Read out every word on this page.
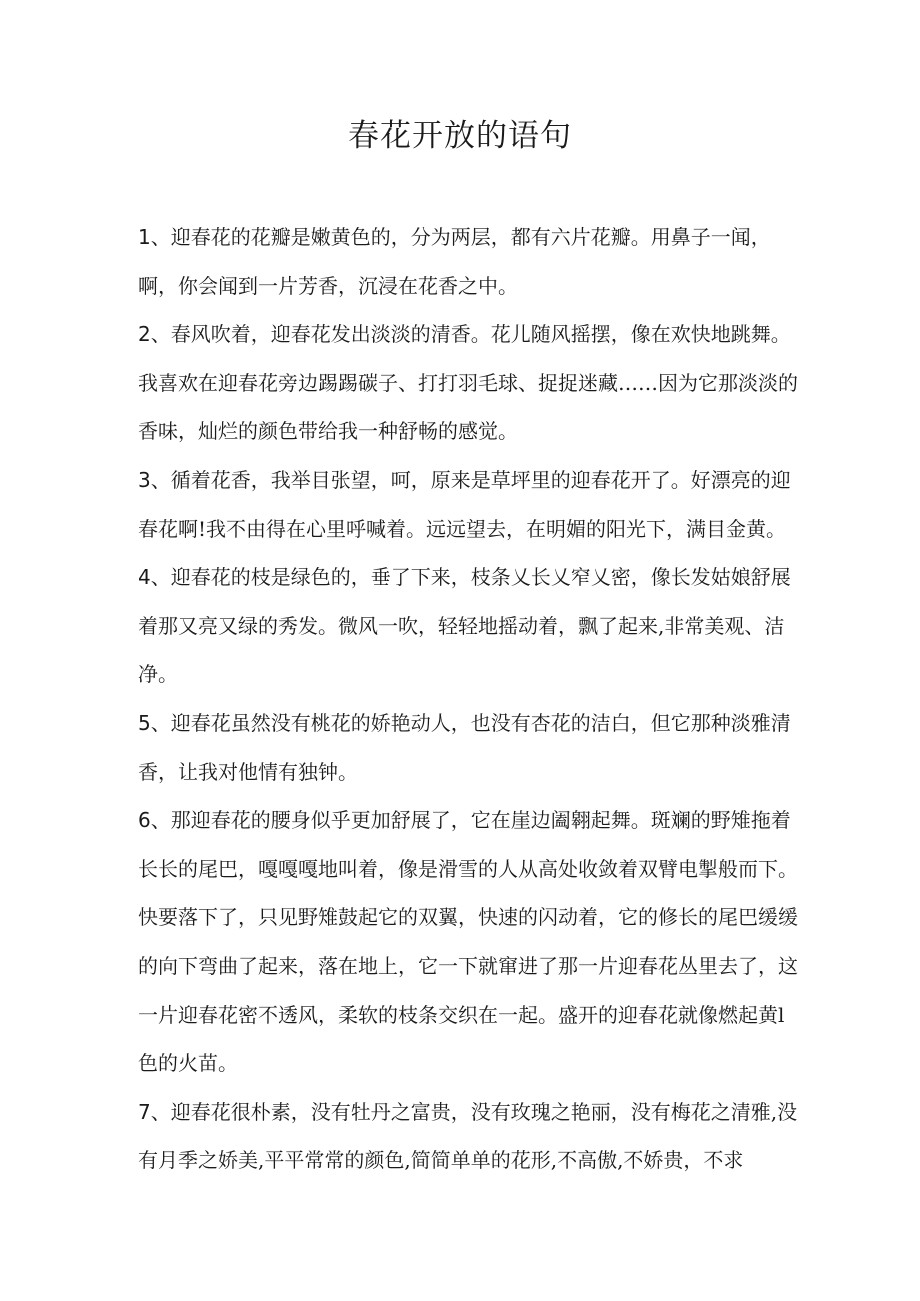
春花开放的语句

1、迎春花的花瓣是嫩黄色的，分为两层，都有六片花瓣。用鼻子一闻，啊，你会闻到一片芳香，沉浸在花香之中。

2、春风吹着，迎春花发出淡淡的清香。花儿随风摇摆，像在欢快地跳舞。我喜欢在迎春花旁边踢踢碳子、打打羽毛球、捉捉迷藏……因为它那淡淡的香味，灿烂的颜色带给我一种舒畅的感觉。

3、循着花香，我举目张望，呵，原来是草坪里的迎春花开了。好漂亮的迎春花啊!我不由得在心里呼喊着。远远望去，在明媚的阳光下，满目金黄。

4、迎春花的枝是绿色的，垂了下来，枝条乂长乂窄乂密，像长发姑娘舒展着那又亮又绿的秀发。微风一吹，轻轻地摇动着，飘了起来,非常美观、洁净。

5、迎春花虽然没有桃花的娇艳动人，也没有杏花的洁白，但它那种淡雅清香，让我对他情有独钟。

6、那迎春花的腰身似乎更加舒展了，它在崖边阖翱起舞。斑斓的野雉拖着长长的尾巴，嘎嘎嘎地叫着，像是滑雪的人从高处收敛着双臂电掣般而下。快要落下了，只见野雉鼓起它的双翼，快速的闪动着，它的修长的尾巴缓缓的向下弯曲了起来，落在地上，它一下就窜进了那一片迎春花丛里去了，这一片迎春花密不透风，柔软的枝条交织在一起。盛开的迎春花就像燃起黄l色的火苗。

7、迎春花很朴素，没有牡丹之富贵，没有玫瑰之艳丽，没有梅花之清雅,没有月季之娇美,平平常常的颜色,简简单单的花形,不高傲,不娇贵，不求
